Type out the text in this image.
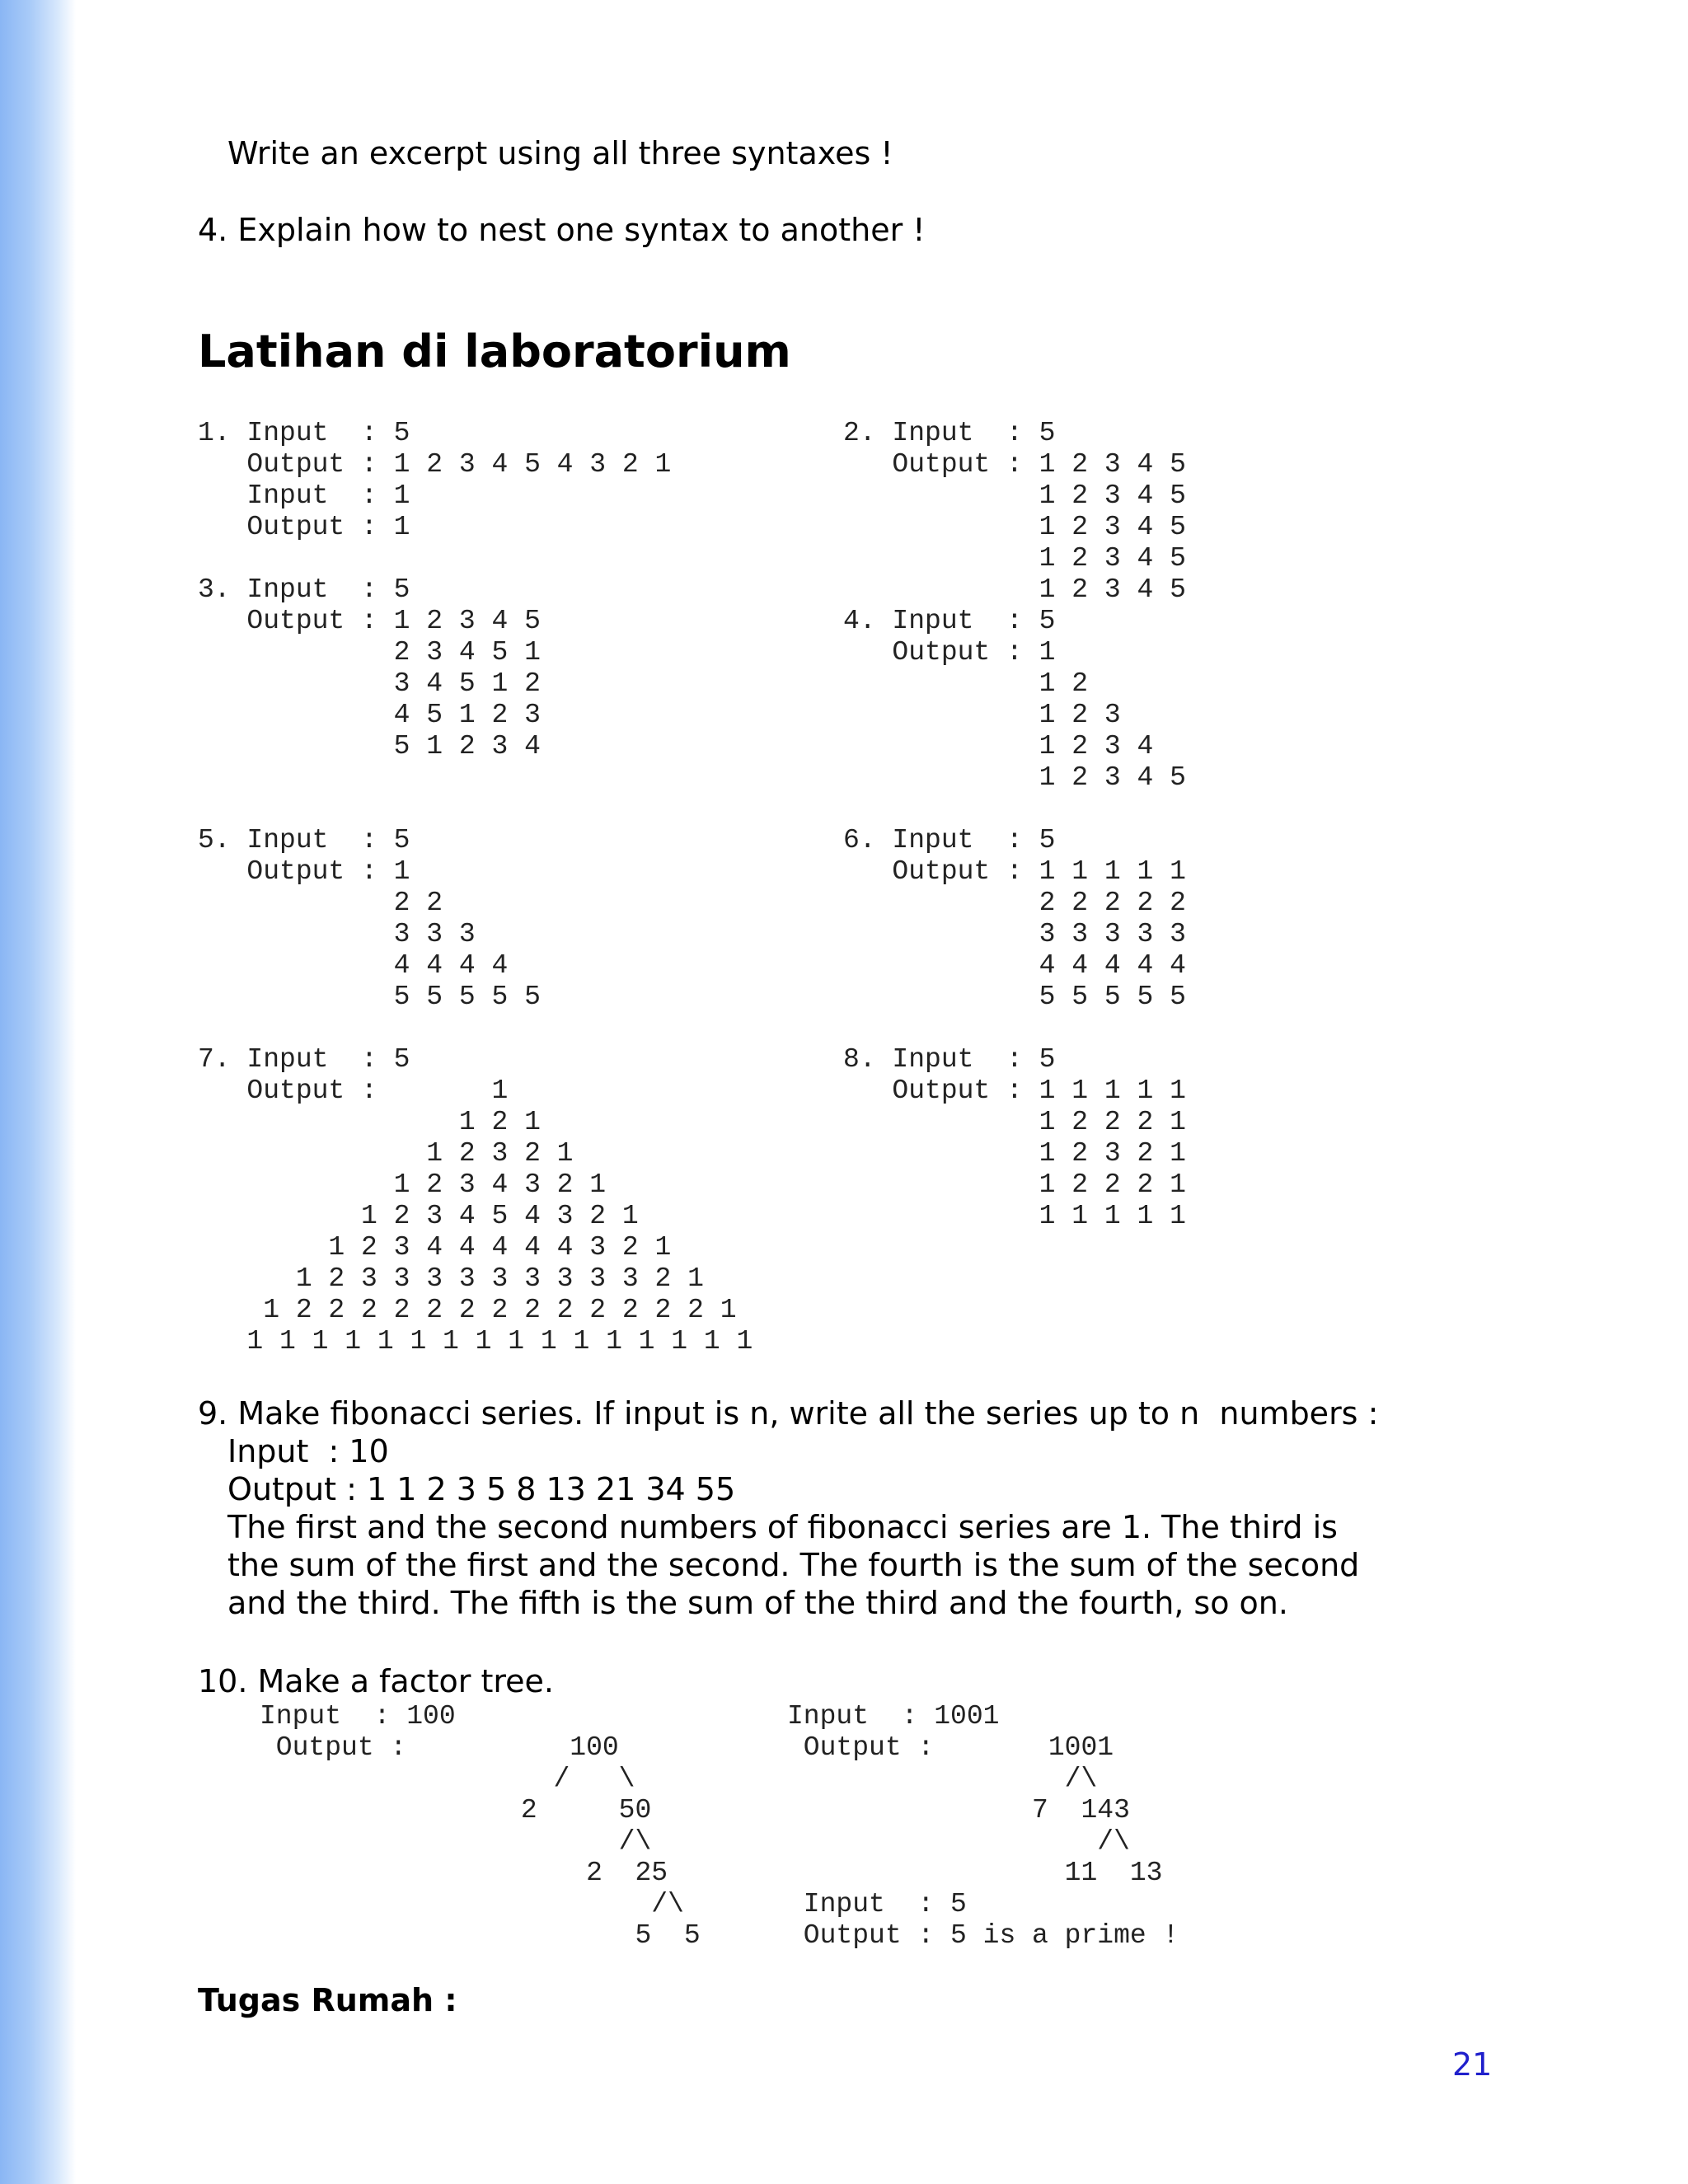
Write an excerpt using all three syntaxes !
4. Explain how to nest one syntax to another !
Latihan di laboratorium
1. Input  : 5
Output : 1 2 3 4 5 4 3 2 1
Input  : 1
Output : 1

3. Input  : 5
Output : 1 2 3 4 5
2 3 4 5 1
3 4 5 1 2
4 5 1 2 3
5 1 2 3 4
2. Input  : 5
Output : 1 2 3 4 5
1 2 3 4 5
1 2 3 4 5
1 2 3 4 5
1 2 3 4 5
4. Input  : 5
Output : 1
1 2
1 2 3
1 2 3 4
1 2 3 4 5
5. Input  : 5
Output : 1
2 2
3 3 3
4 4 4 4
5 5 5 5 5
6. Input  : 5
Output : 1 1 1 1 1
2 2 2 2 2
3 3 3 3 3
4 4 4 4 4
5 5 5 5 5
7. Input  : 5
Output :       1
1 2 1
1 2 3 2 1
1 2 3 4 3 2 1
1 2 3 4 5 4 3 2 1
1 2 3 4 4 4 4 4 3 2 1
1 2 3 3 3 3 3 3 3 3 3 2 1
1 2 2 2 2 2 2 2 2 2 2 2 2 2 1
1 1 1 1 1 1 1 1 1 1 1 1 1 1 1 1
8. Input  : 5
Output : 1 1 1 1 1
1 2 2 2 1
1 2 3 2 1
1 2 2 2 1
1 1 1 1 1
9. Make fibonacci series. If input is n, write all the series up to n  numbers :
Input  : 10
Output : 1 1 2 3 5 8 13 21 34 55
The first and the second numbers of fibonacci series are 1. The third is
the sum of the first and the second. The fourth is the sum of the second
and the third. The fifth is the sum of the third and the fourth, so on.
10. Make a factor tree.
Input  : 100
Output :          100
/   \
2     50
/\
2  25
/\
5  5
Input  : 1001
Output :       1001
/\
7  143
/\
11  13
Input  : 5
Output : 5 is a prime !
Tugas Rumah :
21
